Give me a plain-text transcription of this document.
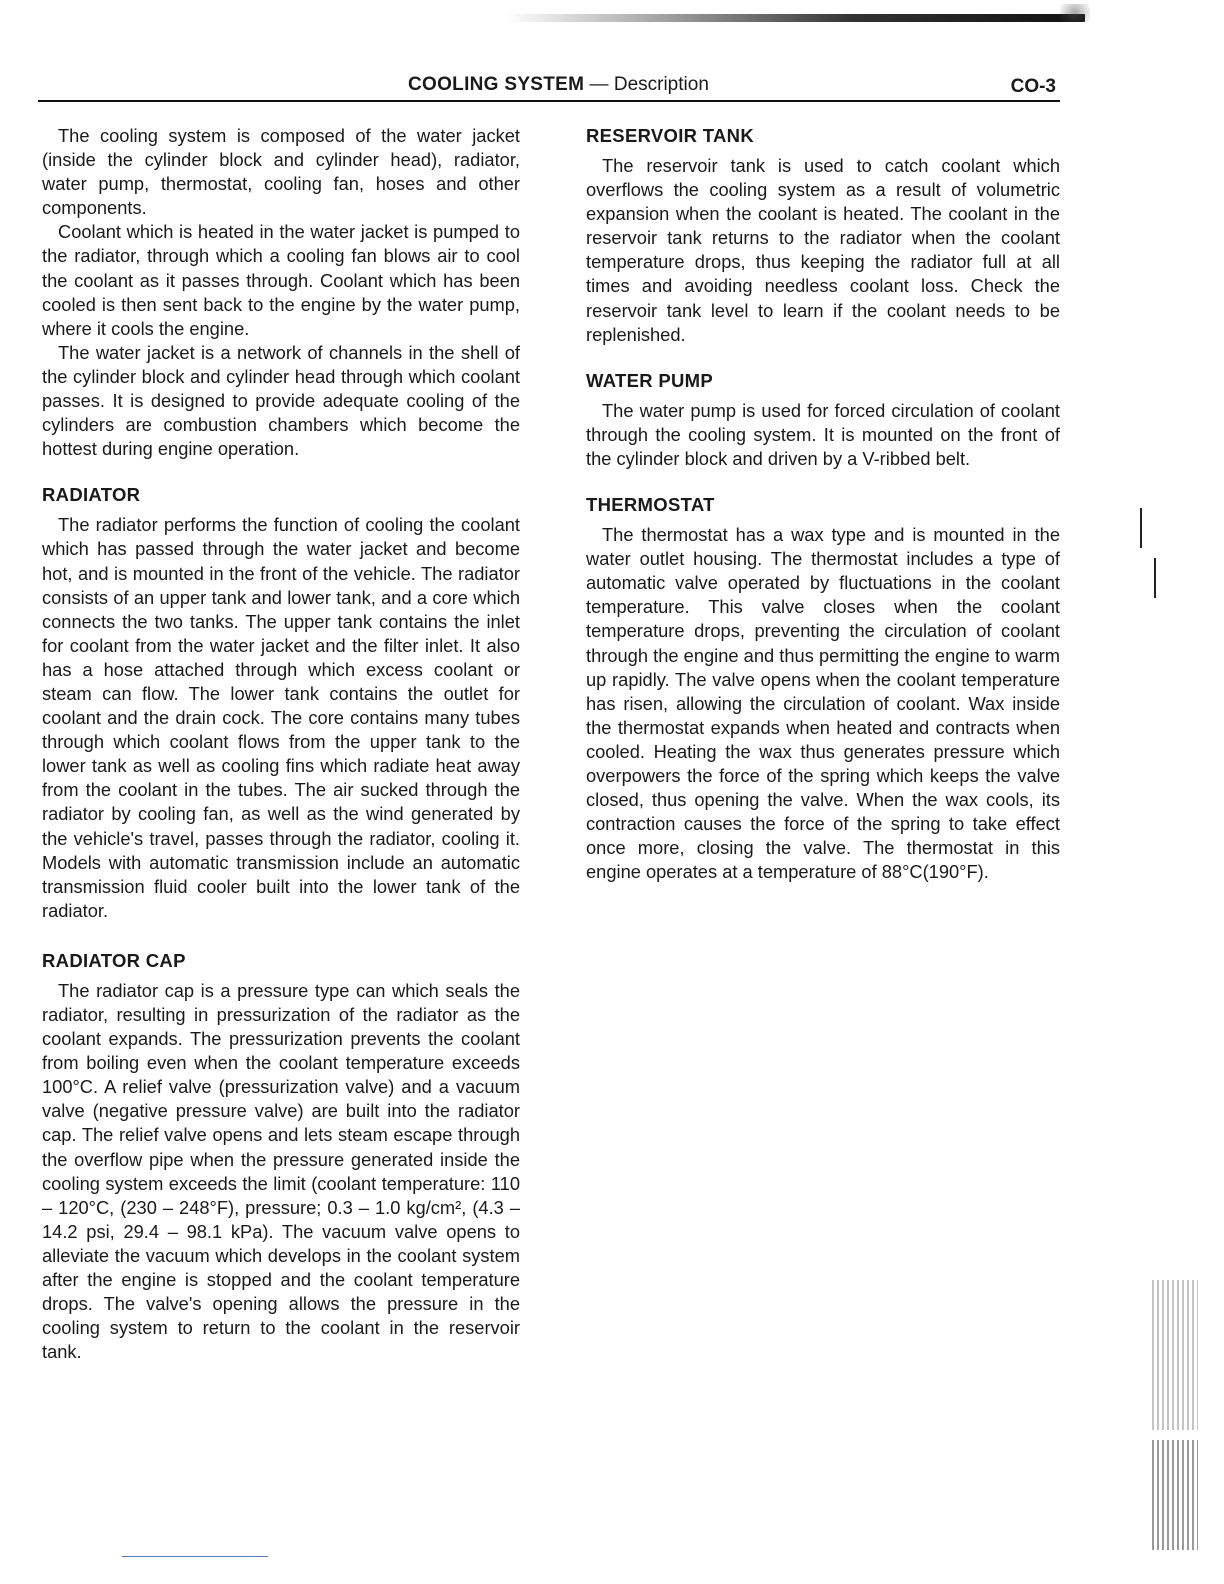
COOLING SYSTEM — Description	CO-3

The cooling system is composed of the water jacket (inside the cylinder block and cylinder head), radiator, water pump, thermostat, cooling fan, hoses and other components.

Coolant which is heated in the water jacket is pumped to the radiator, through which a cooling fan blows air to cool the coolant as it passes through. Coolant which has been cooled is then sent back to the engine by the water pump, where it cools the engine.

The water jacket is a network of channels in the shell of the cylinder block and cylinder head through which coolant passes. It is designed to provide adequate cooling of the cylinders are combustion chambers which become the hottest during engine operation.

RADIATOR

The radiator performs the function of cooling the coolant which has passed through the water jacket and become hot, and is mounted in the front of the vehicle. The radiator consists of an upper tank and lower tank, and a core which connects the two tanks. The upper tank contains the inlet for coolant from the water jacket and the filter inlet. It also has a hose attached through which excess coolant or steam can flow. The lower tank contains the outlet for coolant and the drain cock. The core contains many tubes through which coolant flows from the upper tank to the lower tank as well as cooling fins which radiate heat away from the coolant in the tubes. The air sucked through the radiator by cooling fan, as well as the wind generated by the vehicle's travel, passes through the radiator, cooling it. Models with automatic transmission include an automatic transmission fluid cooler built into the lower tank of the radiator.

RADIATOR CAP

The radiator cap is a pressure type can which seals the radiator, resulting in pressurization of the radiator as the coolant expands. The pressurization prevents the coolant from boiling even when the coolant temperature exceeds 100°C. A relief valve (pressurization valve) and a vacuum valve (negative pressure valve) are built into the radiator cap. The relief valve opens and lets steam escape through the overflow pipe when the pressure generated inside the cooling system exceeds the limit (coolant temperature: 110 – 120°C, (230 – 248°F), pressure; 0.3 – 1.0 kg/cm², (4.3 – 14.2 psi, 29.4 – 98.1 kPa). The vacuum valve opens to alleviate the vacuum which develops in the coolant system after the engine is stopped and the coolant temperature drops. The valve's opening allows the pressure in the cooling system to return to the coolant in the reservoir tank.

RESERVOIR TANK

The reservoir tank is used to catch coolant which overflows the cooling system as a result of volumetric expansion when the coolant is heated. The coolant in the reservoir tank returns to the radiator when the coolant temperature drops, thus keeping the radiator full at all times and avoiding needless coolant loss. Check the reservoir tank level to learn if the coolant needs to be replenished.

WATER PUMP

The water pump is used for forced circulation of coolant through the cooling system. It is mounted on the front of the cylinder block and driven by a V-ribbed belt.

THERMOSTAT

The thermostat has a wax type and is mounted in the water outlet housing. The thermostat includes a type of automatic valve operated by fluctuations in the coolant temperature. This valve closes when the coolant temperature drops, preventing the circulation of coolant through the engine and thus permitting the engine to warm up rapidly. The valve opens when the coolant temperature has risen, allowing the circulation of coolant. Wax inside the thermostat expands when heated and contracts when cooled. Heating the wax thus generates pressure which overpowers the force of the spring which keeps the valve closed, thus opening the valve. When the wax cools, its contraction causes the force of the spring to take effect once more, closing the valve. The thermostat in this engine operates at a temperature of 88°C(190°F).
